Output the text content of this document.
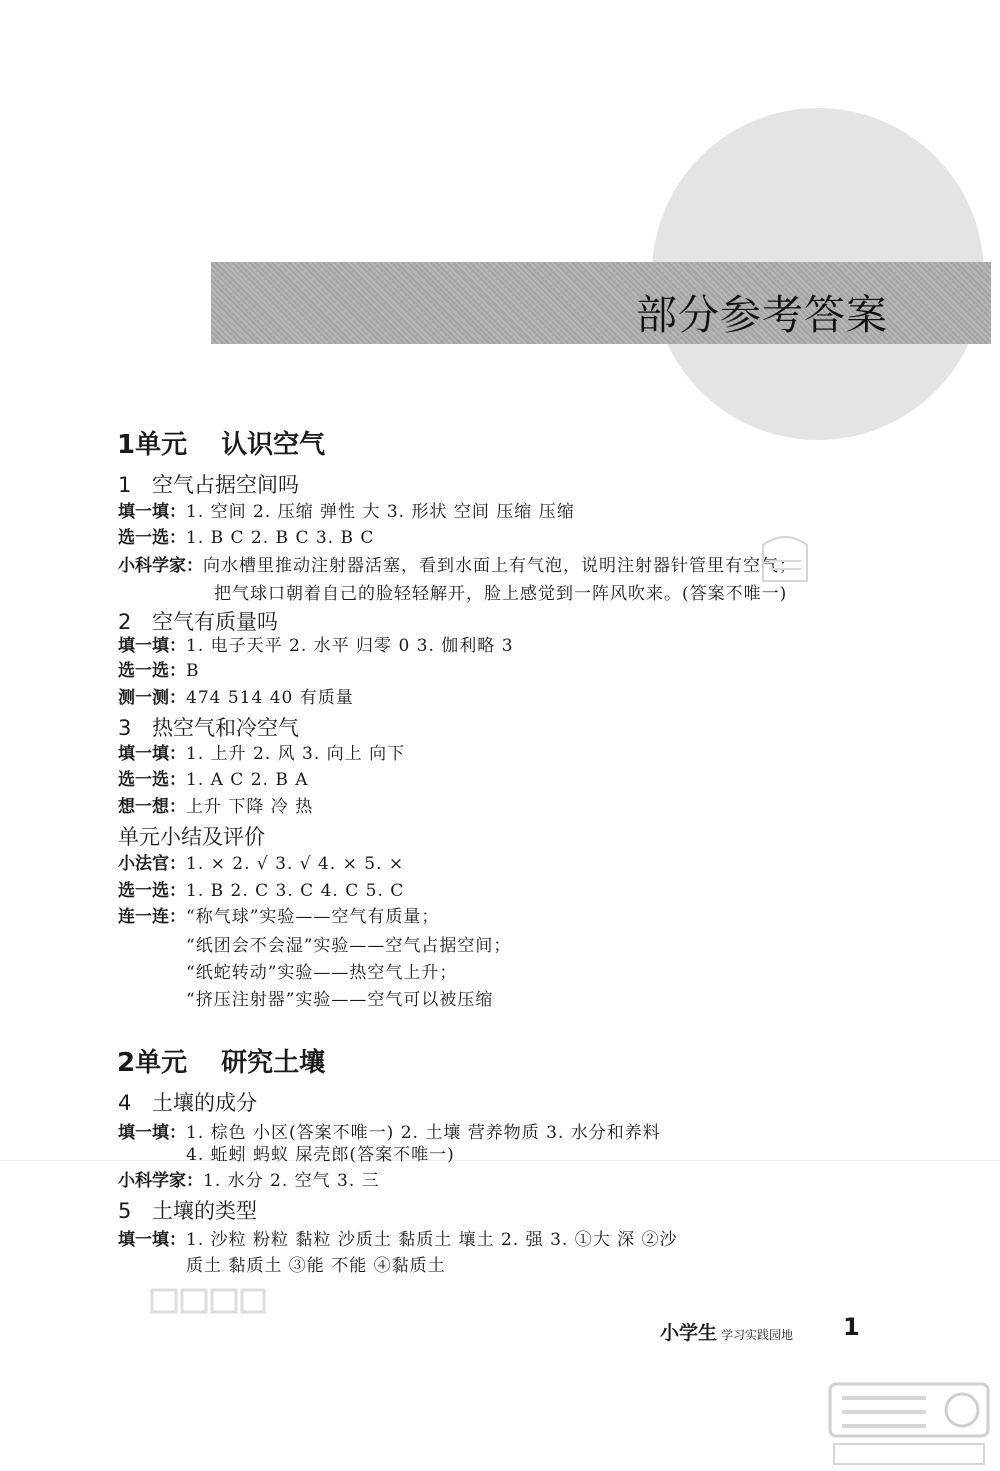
部分参考答案
1单元 认识空气
1 空气占据空间吗
填一填：1. 空间 2. 压缩 弹性 大 3. 形状 空间 压缩 压缩
选一选：1. B C 2. B C 3. B C
小科学家：向水槽里推动注射器活塞，看到水面上有气泡，说明注射器针管里有空气；
把气球口朝着自己的脸轻轻解开，脸上感觉到一阵风吹来。(答案不唯一)
2 空气有质量吗
填一填：1. 电子天平 2. 水平 归零 0 3. 伽利略 3
选一选：B
测一测：474 514 40 有质量
3 热空气和冷空气
填一填：1. 上升 2. 风 3. 向上 向下
选一选：1. A C 2. B A
想一想：上升 下降 冷 热
单元小结及评价
小法官：1. × 2. √ 3. √ 4. × 5. ×
选一选：1. B 2. C 3. C 4. C 5. C
连一连：“称气球”实验——空气有质量；
“纸团会不会湿”实验——空气占据空间；
“纸蛇转动”实验——热空气上升；
“挤压注射器”实验——空气可以被压缩
2单元 研究土壤
4 土壤的成分
填一填：1. 棕色 小区(答案不唯一) 2. 土壤 营养物质 3. 水分和养料
4. 蚯蚓 蚂蚁 屎壳郎(答案不唯一)
小科学家：1. 水分 2. 空气 3. 三
5 土壤的类型
填一填：1. 沙粒 粉粒 黏粒 沙质土 黏质土 壤土 2. 强 3. ①大 深 ②沙
质土 黏质土 ③能 不能 ④黏质土
小学生 学习实践园地 1
